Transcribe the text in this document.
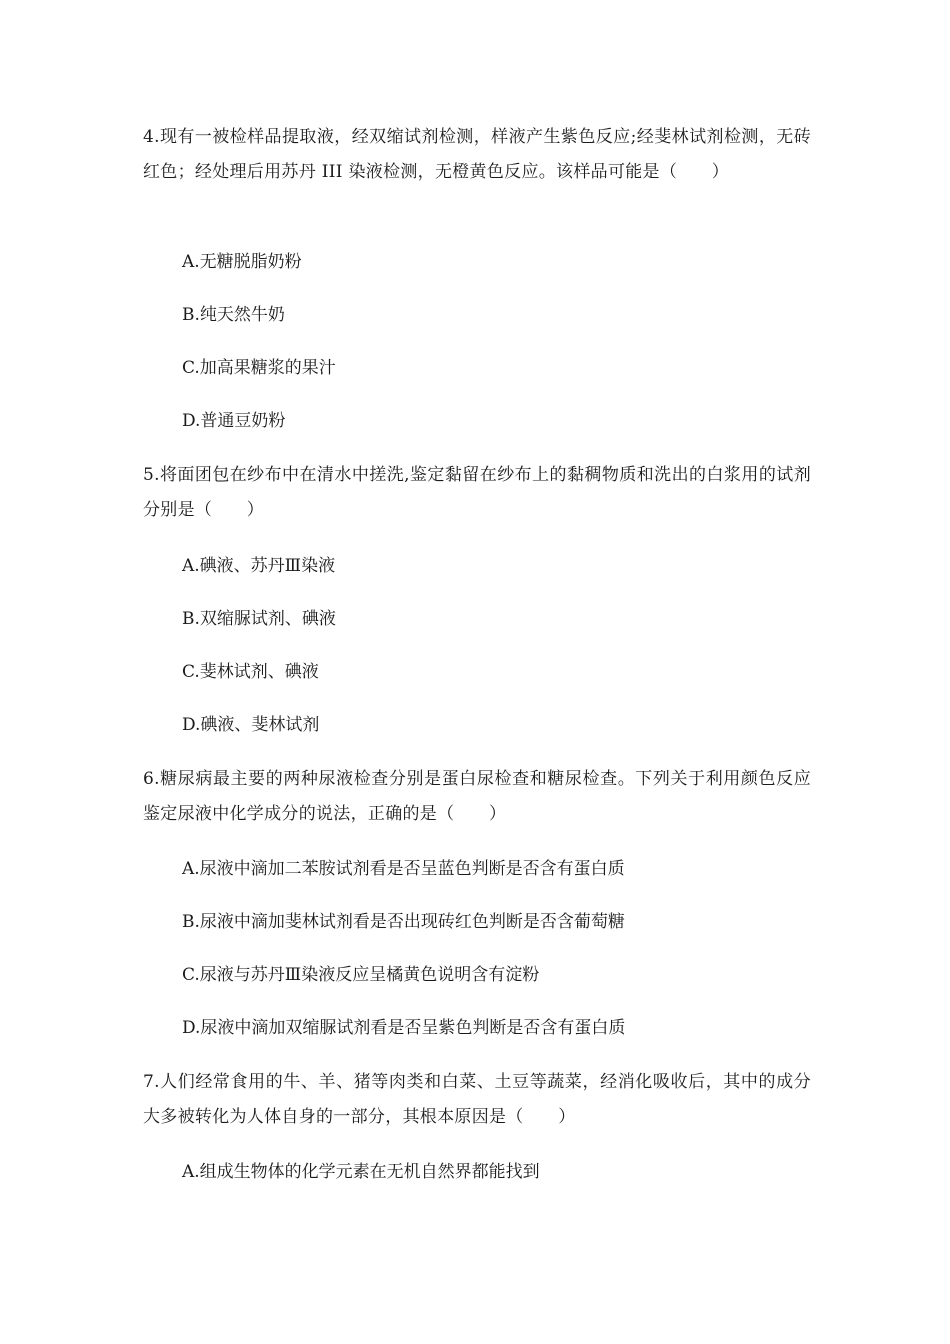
4.现有一被检样品提取液，经双缩试剂检测，样液产生紫色反应;经斐林试剂检测，无砖红色；经处理后用苏丹 III 染液检测，无橙黄色反应。该样品可能是（　　）

A.无糖脱脂奶粉

B.纯天然牛奶

C.加高果糖浆的果汁

D.普通豆奶粉

5.将面团包在纱布中在清水中搓洗,鉴定黏留在纱布上的黏稠物质和洗出的白浆用的试剂分别是（　　）

A.碘液、苏丹Ⅲ染液

B.双缩脲试剂、碘液

C.斐林试剂、碘液

D.碘液、斐林试剂

6.糖尿病最主要的两种尿液检查分别是蛋白尿检查和糖尿检查。下列关于利用颜色反应鉴定尿液中化学成分的说法，正确的是（　　）

A.尿液中滴加二苯胺试剂看是否呈蓝色判断是否含有蛋白质

B.尿液中滴加斐林试剂看是否出现砖红色判断是否含葡萄糖

C.尿液与苏丹Ⅲ染液反应呈橘黄色说明含有淀粉

D.尿液中滴加双缩脲试剂看是否呈紫色判断是否含有蛋白质

7.人们经常食用的牛、羊、猪等肉类和白菜、土豆等蔬菜，经消化吸收后，其中的成分大多被转化为人体自身的一部分，其根本原因是（　　）

A.组成生物体的化学元素在无机自然界都能找到
